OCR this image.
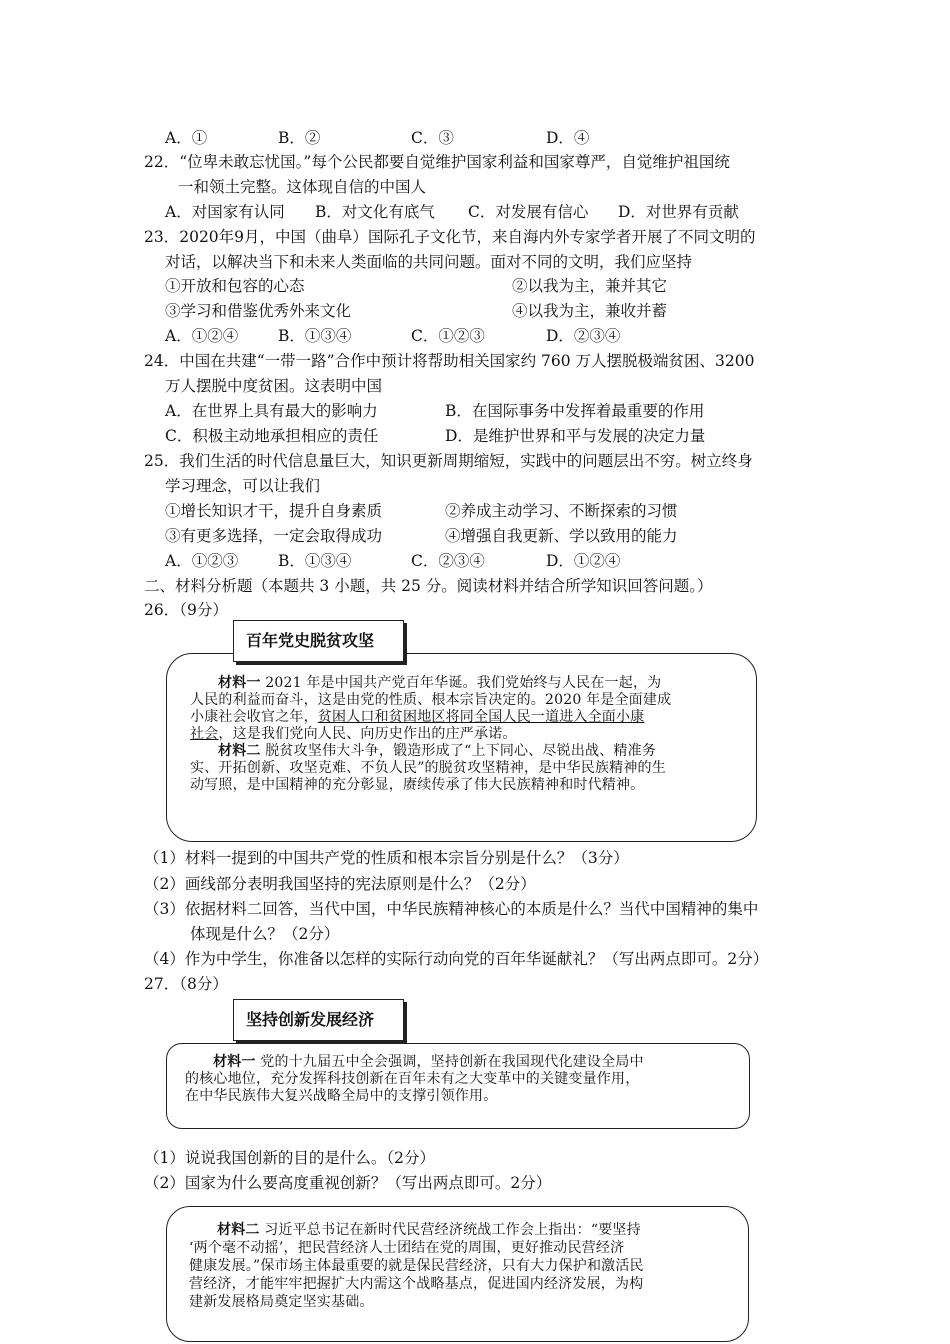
A．①	B．②	C．③	D．④
22．“位卑未敢忘忧国。”每个公民都要自觉维护国家利益和国家尊严，自觉维护祖国统
一和领土完整。这体现自信的中国人
A．对国家有认同 B．对文化有底气 C．对发展有信心 D．对世界有贡献
23．2020年9月，中国（曲阜）国际孔子文化节，来自海内外专家学者开展了不同文明的
对话，以解决当下和未来人类面临的共同问题。面对不同的文明，我们应坚持
①开放和包容的心态	②以我为主，兼并其它
③学习和借鉴优秀外来文化	④以我为主，兼收并蓄
A．①②④	B．①③④	C．①②③	D．②③④
24．中国在共建“一带一路”合作中预计将帮助相关国家约 760 万人摆脱极端贫困、3200
万人摆脱中度贫困。这表明中国
A．在世界上具有最大的影响力	B．在国际事务中发挥着最重要的作用
C．积极主动地承担相应的责任	D．是维护世界和平与发展的决定力量
25．我们生活的时代信息量巨大，知识更新周期缩短，实践中的问题层出不穷。树立终身
学习理念，可以让我们
①增长知识才干，提升自身素质	②养成主动学习、不断探索的习惯
③有更多选择，一定会取得成功	④增强自我更新、学以致用的能力
A．①②③	B．①③④	C．②③④	D．①②④
二、材料分析题（本题共 3 小题，共 25 分。阅读材料并结合所学知识回答问题。）
26．（9分）
百年党史脱贫攻坚
材料一 2021 年是中国共产党百年华诞。我们党始终与人民在一起，为
人民的利益而奋斗，这是由党的性质、根本宗旨决定的。2020 年是全面建成
小康社会收官之年，贫困人口和贫困地区将同全国人民一道进入全面小康
社会，这是我们党向人民、向历史作出的庄严承诺。
材料二 脱贫攻坚伟大斗争，锻造形成了“上下同心、尽锐出战、精准务
实、开拓创新、攻坚克难、不负人民”的脱贫攻坚精神，是中华民族精神的生
动写照，是中国精神的充分彰显，赓续传承了伟大民族精神和时代精神。
（1）材料一提到的中国共产党的性质和根本宗旨分别是什么？（3分）
（2）画线部分表明我国坚持的宪法原则是什么？（2分）
（3）依据材料二回答，当代中国，中华民族精神核心的本质是什么？当代中国精神的集中
体现是什么？（2分）
（4）作为中学生，你准备以怎样的实际行动向党的百年华诞献礼？（写出两点即可。2分）
27．（8分）
坚持创新发展经济
材料一 党的十九届五中全会强调，坚持创新在我国现代化建设全局中
的核心地位，充分发挥科技创新在百年未有之大变革中的关键变量作用，
在中华民族伟大复兴战略全局中的支撑引领作用。
（1）说说我国创新的目的是什么。（2分）
（2）国家为什么要高度重视创新？（写出两点即可。2分）
材料二 习近平总书记在新时代民营经济统战工作会上指出：“要坚持
‘两个毫不动摇’，把民营经济人士团结在党的周围，更好推动民营经济
健康发展。”保市场主体最重要的就是保民营经济，只有大力保护和激活民
营经济，才能牢牢把握扩大内需这个战略基点，促进国内经济发展，为构
建新发展格局奠定坚实基础。
